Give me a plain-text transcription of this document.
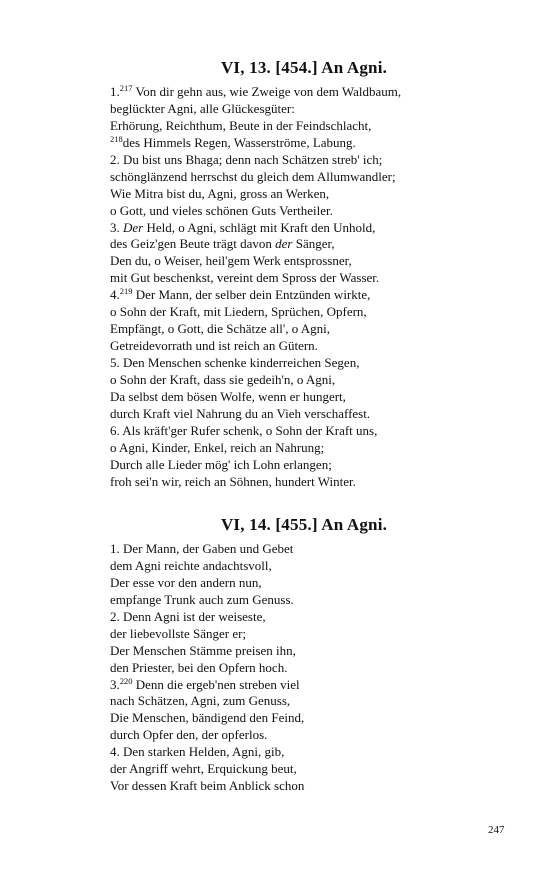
VI, 13. [454.] An Agni.
1.$^{217}$ Von dir gehn aus, wie Zweige von dem Waldbaum,
beglückter Agni, alle Glückesgüter:
Erhörung, Reichthum, Beute in der Feindschlacht,
$^{218}$des Himmels Regen, Wasserströme, Labung.
2. Du bist uns Bhaga; denn nach Schätzen streb' ich;
schönglänzend herrschst du gleich dem Allumwandler;
Wie Mitra bist du, Agni, gross an Werken,
o Gott, und vieles schönen Guts Vertheiler.
3. Der Held, o Agni, schlägt mit Kraft den Unhold,
des Geiz'gen Beute trägt davon der Sänger,
Den du, o Weiser, heil'gem Werk entsprossner,
mit Gut beschenkst, vereint dem Spross der Wasser.
4.$^{219}$ Der Mann, der selber dein Entzünden wirkte,
o Sohn der Kraft, mit Liedern, Sprüchen, Opfern,
Empfängt, o Gott, die Schätze all', o Agni,
Getreidevorrath und ist reich an Gütern.
5. Den Menschen schenke kinderreichen Segen,
o Sohn der Kraft, dass sie gedeih'n, o Agni,
Da selbst dem bösen Wolfe, wenn er hungert,
durch Kraft viel Nahrung du an Vieh verschaffest.
6. Als kräft'ger Rufer schenk, o Sohn der Kraft uns,
o Agni, Kinder, Enkel, reich an Nahrung;
Durch alle Lieder mög' ich Lohn erlangen;
froh sei'n wir, reich an Söhnen, hundert Winter.
VI, 14. [455.] An Agni.
1. Der Mann, der Gaben und Gebet
dem Agni reichte andachtsvoll,
Der esse vor den andern nun,
empfange Trunk auch zum Genuss.
2. Denn Agni ist der weiseste,
der liebevollste Sänger er;
Der Menschen Stämme preisen ihn,
den Priester, bei den Opfern hoch.
3.$^{220}$ Denn die ergeb'nen streben viel
nach Schätzen, Agni, zum Genuss,
Die Menschen, bändigend den Feind,
durch Opfer den, der opferlos.
4. Den starken Helden, Agni, gib,
der Angriff wehrt, Erquickung beut,
Vor dessen Kraft beim Anblick schon
247
